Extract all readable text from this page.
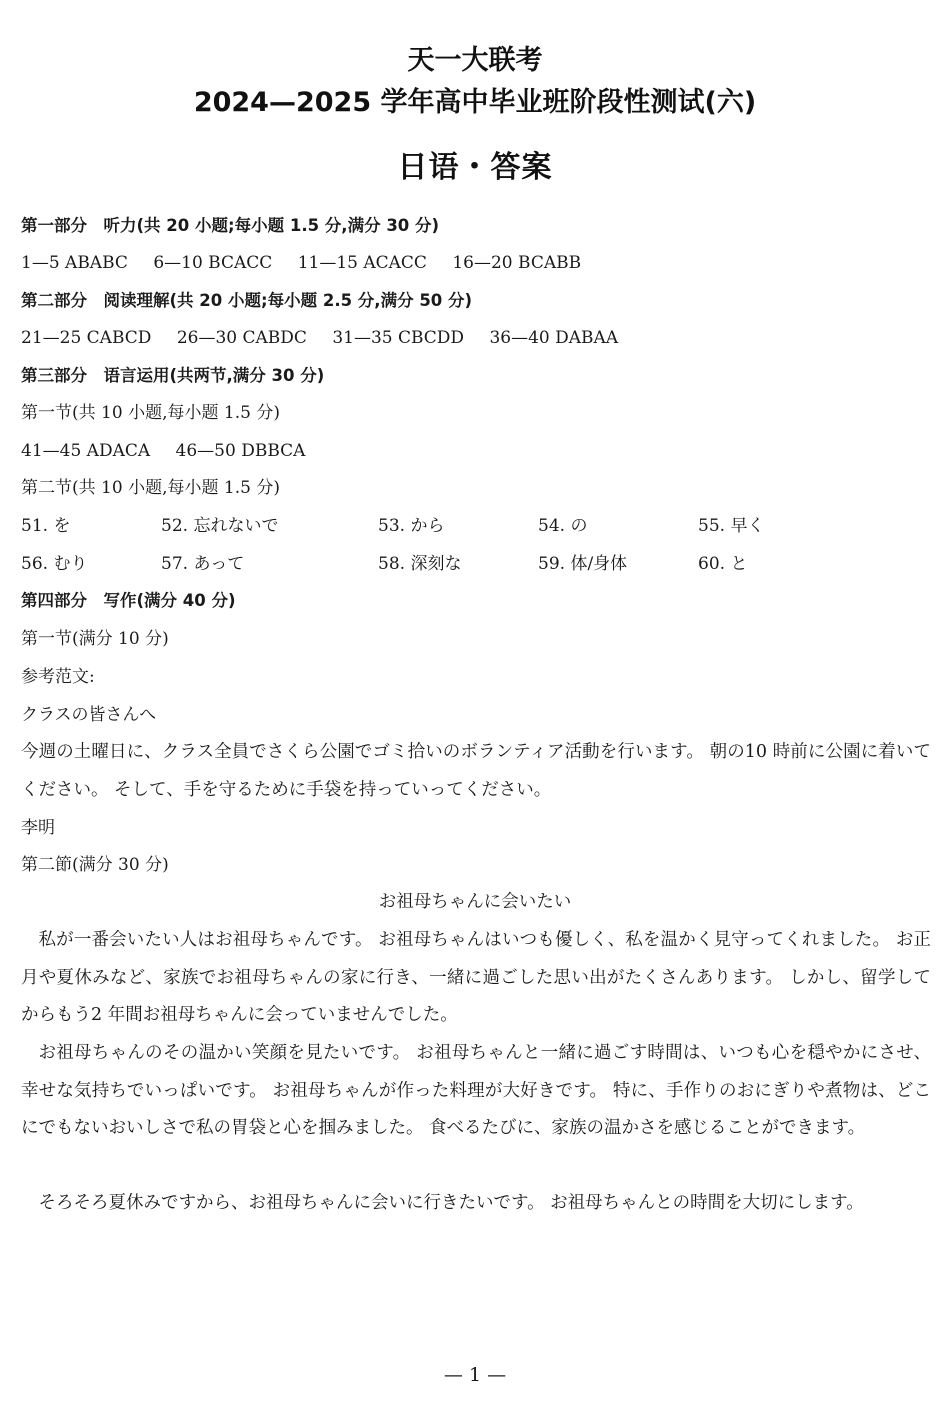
天一大联考
2024—2025 学年高中毕业班阶段性测试(六)
日语・答案
第一部分　听力(共 20 小题;每小题 1.5 分,满分 30 分)
1—5 ABABC 6—10 BCACC 11—15 ACACC 16—20 BCABB
第二部分　阅读理解(共 20 小题;每小题 2.5 分,满分 50 分)
21—25 CABCD 26—30 CABDC 31—35 CBCDD 36—40 DABAA
第三部分　语言运用(共两节,满分 30 分)
第一节(共 10 小题,每小题 1.5 分)
41—45 ADACA 46—50 DBBCA
第二节(共 10 小题,每小题 1.5 分)
51. を	52. 忘れないで	53. から	54. の	55. 早く
56. むり	57. あって	58. 深刻な	59. 体/身体	60. と
第四部分　写作(满分 40 分)
第一节(满分 10 分)
参考范文:
クラスの皆さんへ

今週の土曜日に、クラス全員でさくら公園でゴミ拾いのボランティア活動を行います。 朝の10 時前に公園に着いてください。 そして、手を守るために手袋を持っていってください。

李明
第二節(满分 30 分)
お祖母ちゃんに会いたい

私が一番会いたい人はお祖母ちゃんです。 お祖母ちゃんはいつも優しく、私を温かく見守ってくれました。 お正月や夏休みなど、家族でお祖母ちゃんの家に行き、一緒に過ごした思い出がたくさんあります。 しかし、留学してからもう2 年間お祖母ちゃんに会っていませんでした。

お祖母ちゃんのその温かい笑顔を見たいです。 お祖母ちゃんと一緒に過ごす時間は、いつも心を穏やかにさせ、幸せな気持ちでいっぱいです。 お祖母ちゃんが作った料理が大好きです。 特に、手作りのおにぎりや煮物は、どこにでもないおいしさで私の胃袋と心を掴みました。 食べるたびに、家族の温かさを感じることができます。

そろそろ夏休みですから、お祖母ちゃんに会いに行きたいです。 お祖母ちゃんとの時間を大切にします。

— 1 —
